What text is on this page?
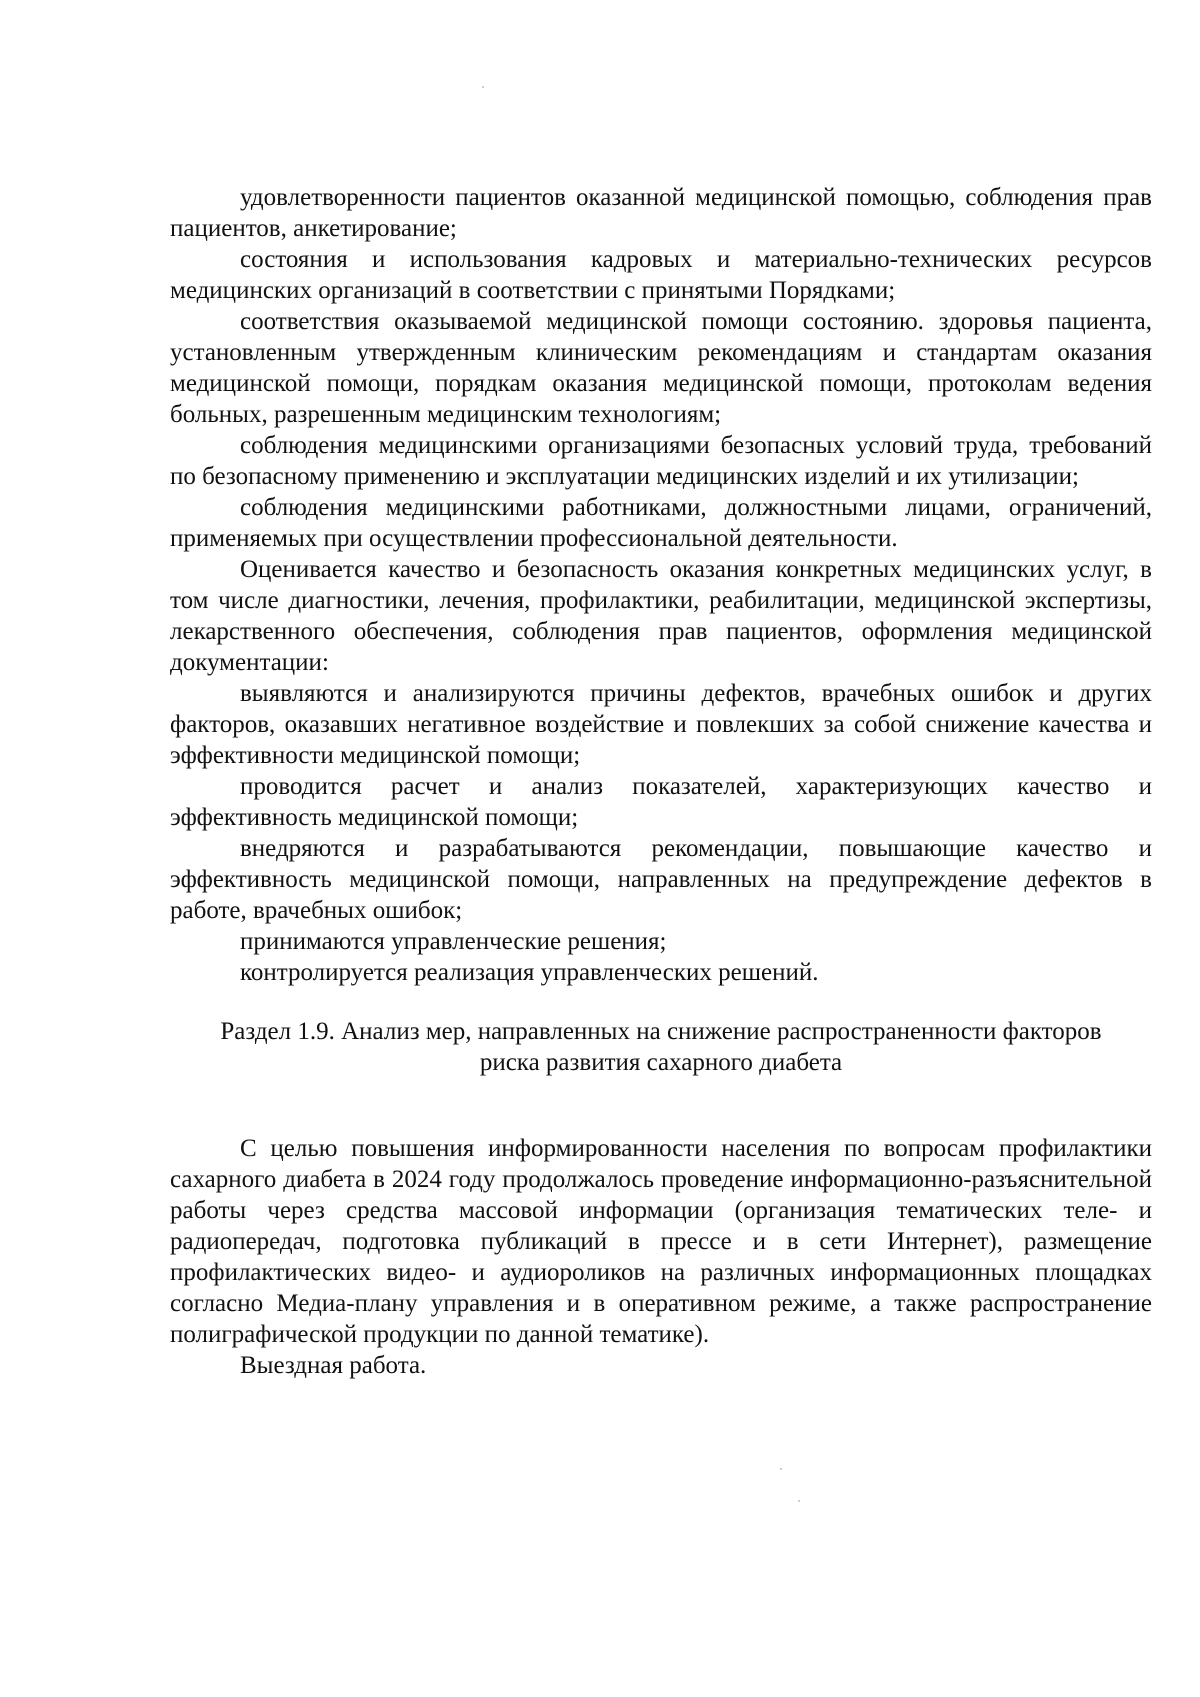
удовлетворенности пациентов оказанной медицинской помощью, соблюдения прав пациентов, анкетирование;

состояния и использования кадровых и материально-технических ресурсов медицинских организаций в соответствии с принятыми Порядками;

соответствия оказываемой медицинской помощи состоянию. здоровья пациента, установленным утвержденным клиническим рекомендациям и стандартам оказания медицинской помощи, порядкам оказания медицинской помощи, протоколам ведения больных, разрешенным медицинским технологиям;

соблюдения медицинскими организациями безопасных условий труда, требований по безопасному применению и эксплуатации медицинских изделий и их утилизации;

соблюдения медицинскими работниками, должностными лицами, ограничений, применяемых при осуществлении профессиональной деятельности.

Оценивается качество и безопасность оказания конкретных медицинских услуг, в том числе диагностики, лечения, профилактики, реабилитации, медицинской экспертизы, лекарственного обеспечения, соблюдения прав пациентов, оформления медицинской документации:

выявляются и анализируются причины дефектов, врачебных ошибок и других факторов, оказавших негативное воздействие и повлекших за собой снижение качества и эффективности медицинской помощи;

проводится расчет и анализ показателей, характеризующих качество и эффективность медицинской помощи;

внедряются и разрабатываются рекомендации, повышающие качество и эффективность медицинской помощи, направленных на предупреждение дефектов в работе, врачебных ошибок;

принимаются управленческие решения;

контролируется реализация управленческих решений.

Раздел 1.9. Анализ мер, направленных на снижение распространенности факторов
риска развития сахарного диабета

С целью повышения информированности населения по вопросам профилактики сахарного диабета в 2024 году продолжалось проведение информационно-разъяснительной работы через средства массовой информации (организация тематических теле- и радиопередач, подготовка публикаций в прессе и в сети Интернет), размещение профилактических видео- и аудиороликов на различных информационных площадках согласно Медиа-плану управления и в оперативном режиме, а также распространение полиграфической продукции по данной тематике).

Выездная работа.
